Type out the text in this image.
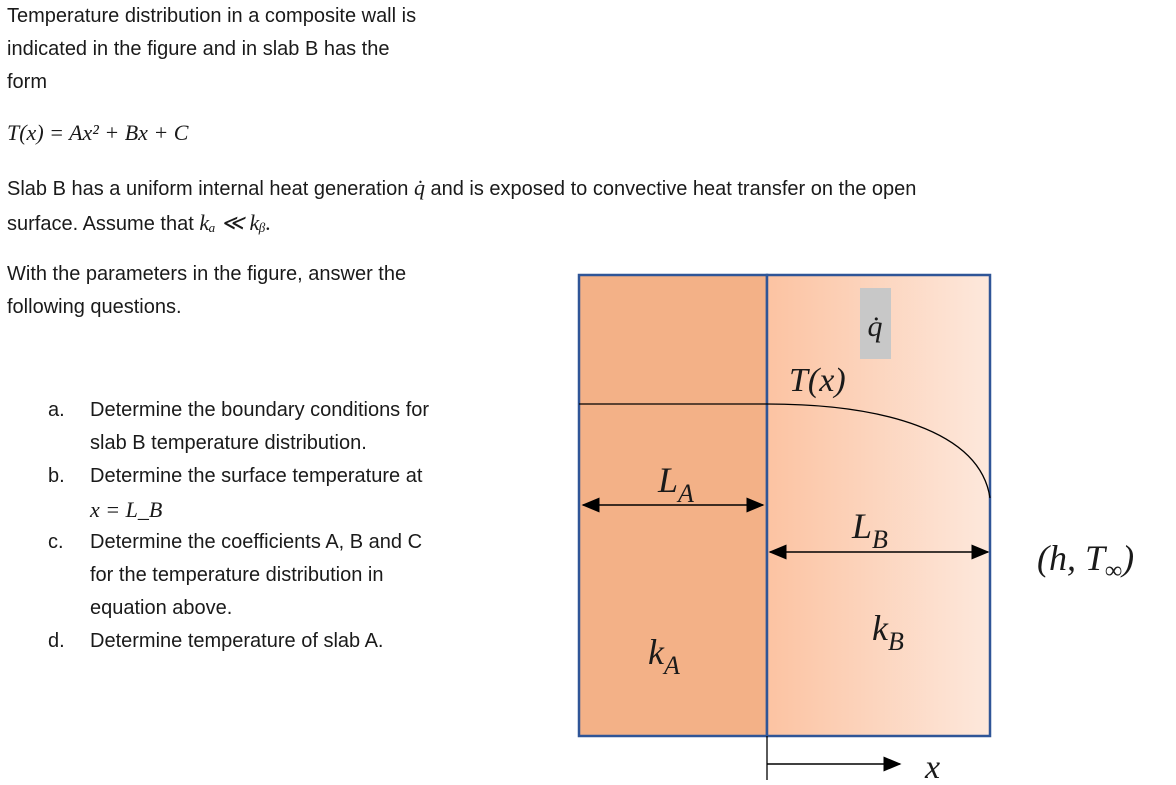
Temperature distribution in a composite wall is
indicated in the figure and in slab B has the
form
T(x) = Ax² + Bx + C
Slab B has a uniform internal heat generation q̇ and is exposed to convective heat transfer on the open
surface. Assume that kₐ ≪ kᵦ.
With the parameters in the figure, answer the
following questions.
a. Determine the boundary conditions for
slab B temperature distribution.
b. Determine the surface temperature at
x = L_B
c. Determine the coefficients A, B and C
for the temperature distribution in
equation above.
d. Determine temperature of slab A.
q̇
T(x)
$L_A$
$L_B$	(h, $T_\infty$)
$k_A$
$k_B$
x
